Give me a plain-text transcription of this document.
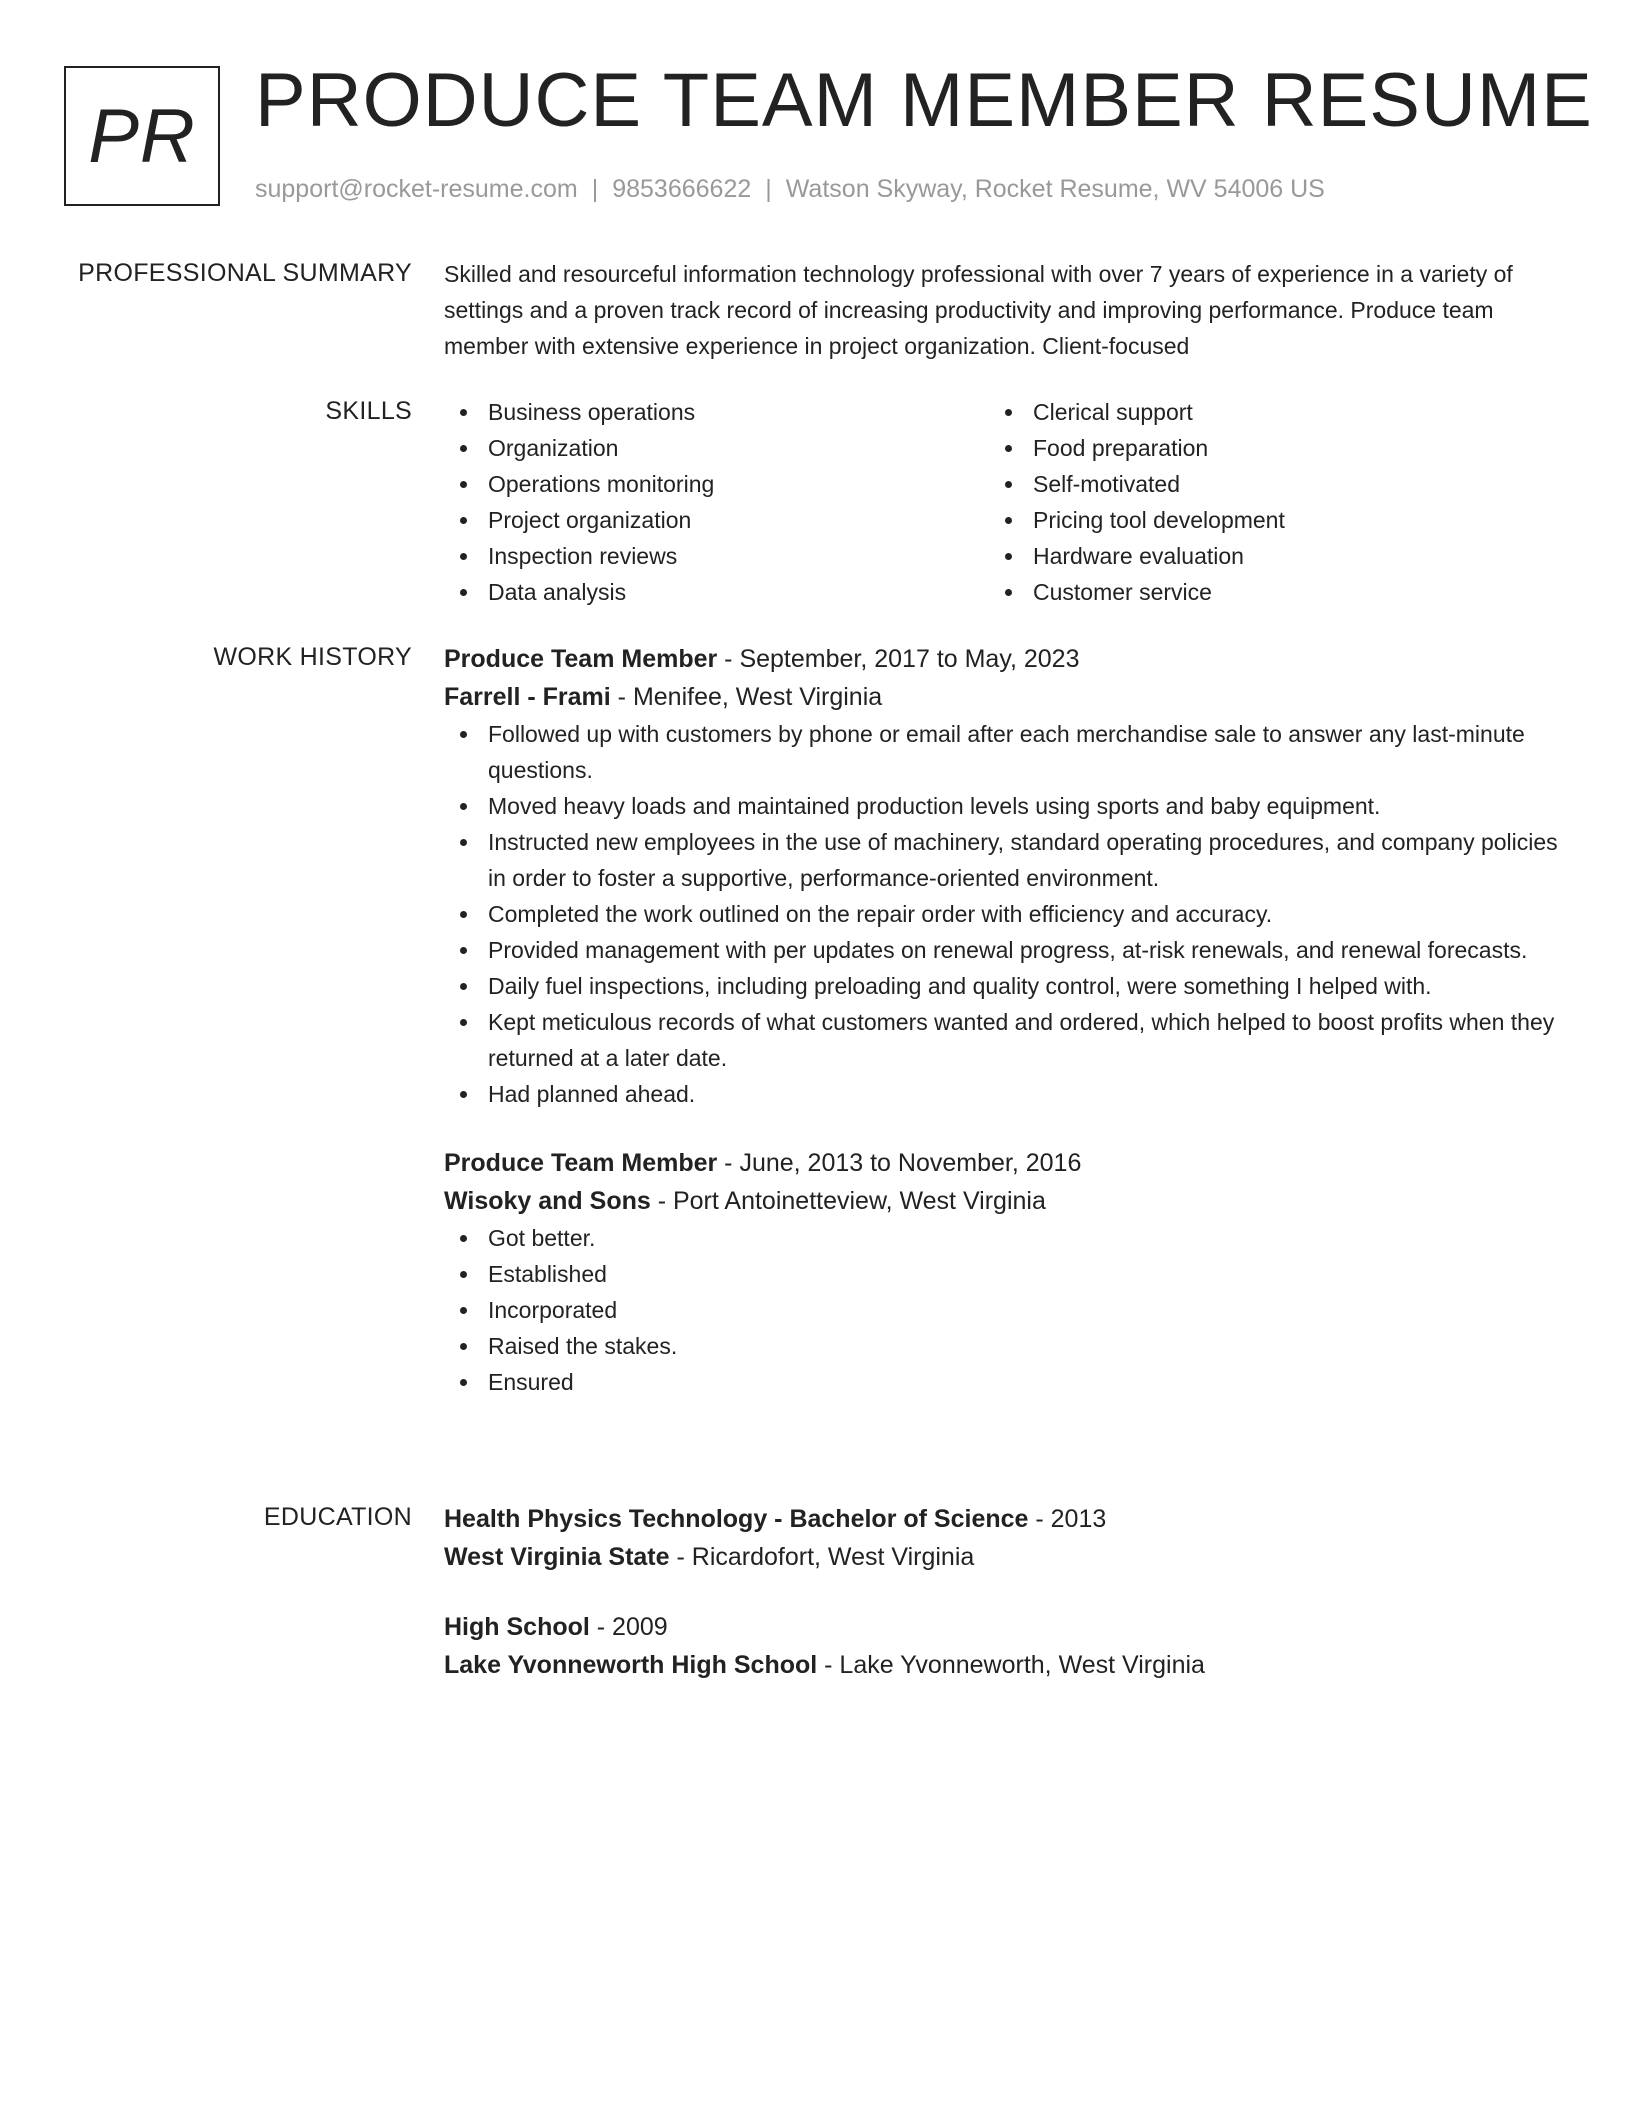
PR PRODUCE TEAM MEMBER RESUME
support@rocket-resume.com | 9853666622 | Watson Skyway, Rocket Resume, WV 54006 US
PROFESSIONAL SUMMARY Skilled and resourceful information technology professional with over 7 years of experience in a variety of settings and a proven track record of increasing productivity and improving performance. Produce team member with extensive experience in project organization. Client-focused

SKILLS	Business operations
Organization
Operations monitoring
Project organization
Inspection reviews
Data analysis
Clerical support
Food preparation
Self-motivated
Pricing tool development
Hardware evaluation
Customer service
WORK HISTORY Produce Team Member - September, 2017 to May, 2023
Farrell - Frami - Menifee, West Virginia
Followed up with customers by phone or email after each merchandise sale to answer any last-minute questions.
Moved heavy loads and maintained production levels using sports and baby equipment.
Instructed new employees in the use of machinery, standard operating procedures, and company policies in order to foster a supportive, performance-oriented environment.
Completed the work outlined on the repair order with efficiency and accuracy.
Provided management with per updates on renewal progress, at-risk renewals, and renewal forecasts.
Daily fuel inspections, including preloading and quality control, were something I helped with.
Kept meticulous records of what customers wanted and ordered, which helped to boost profits when they returned at a later date.
Had planned ahead.
Produce Team Member - June, 2013 to November, 2016
Wisoky and Sons - Port Antoinetteview, West Virginia
Got better.
Established
Incorporated
Raised the stakes.
Ensured
EDUCATION Health Physics Technology - Bachelor of Science - 2013
West Virginia State - Ricardofort, West Virginia
High School - 2009
Lake Yvonneworth High School - Lake Yvonneworth, West Virginia
